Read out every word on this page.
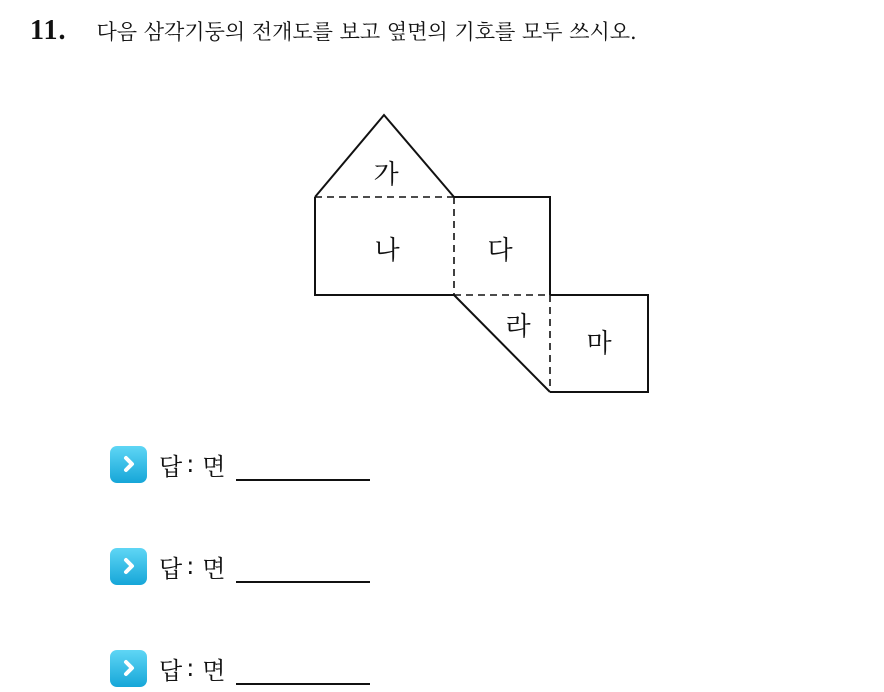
11. 다음 삼각기둥의 전개도를 보고 옆면의 기호를 모두 쓰시오.
가
나	다
라
마
답 : 면
답 : 면
답 : 면
